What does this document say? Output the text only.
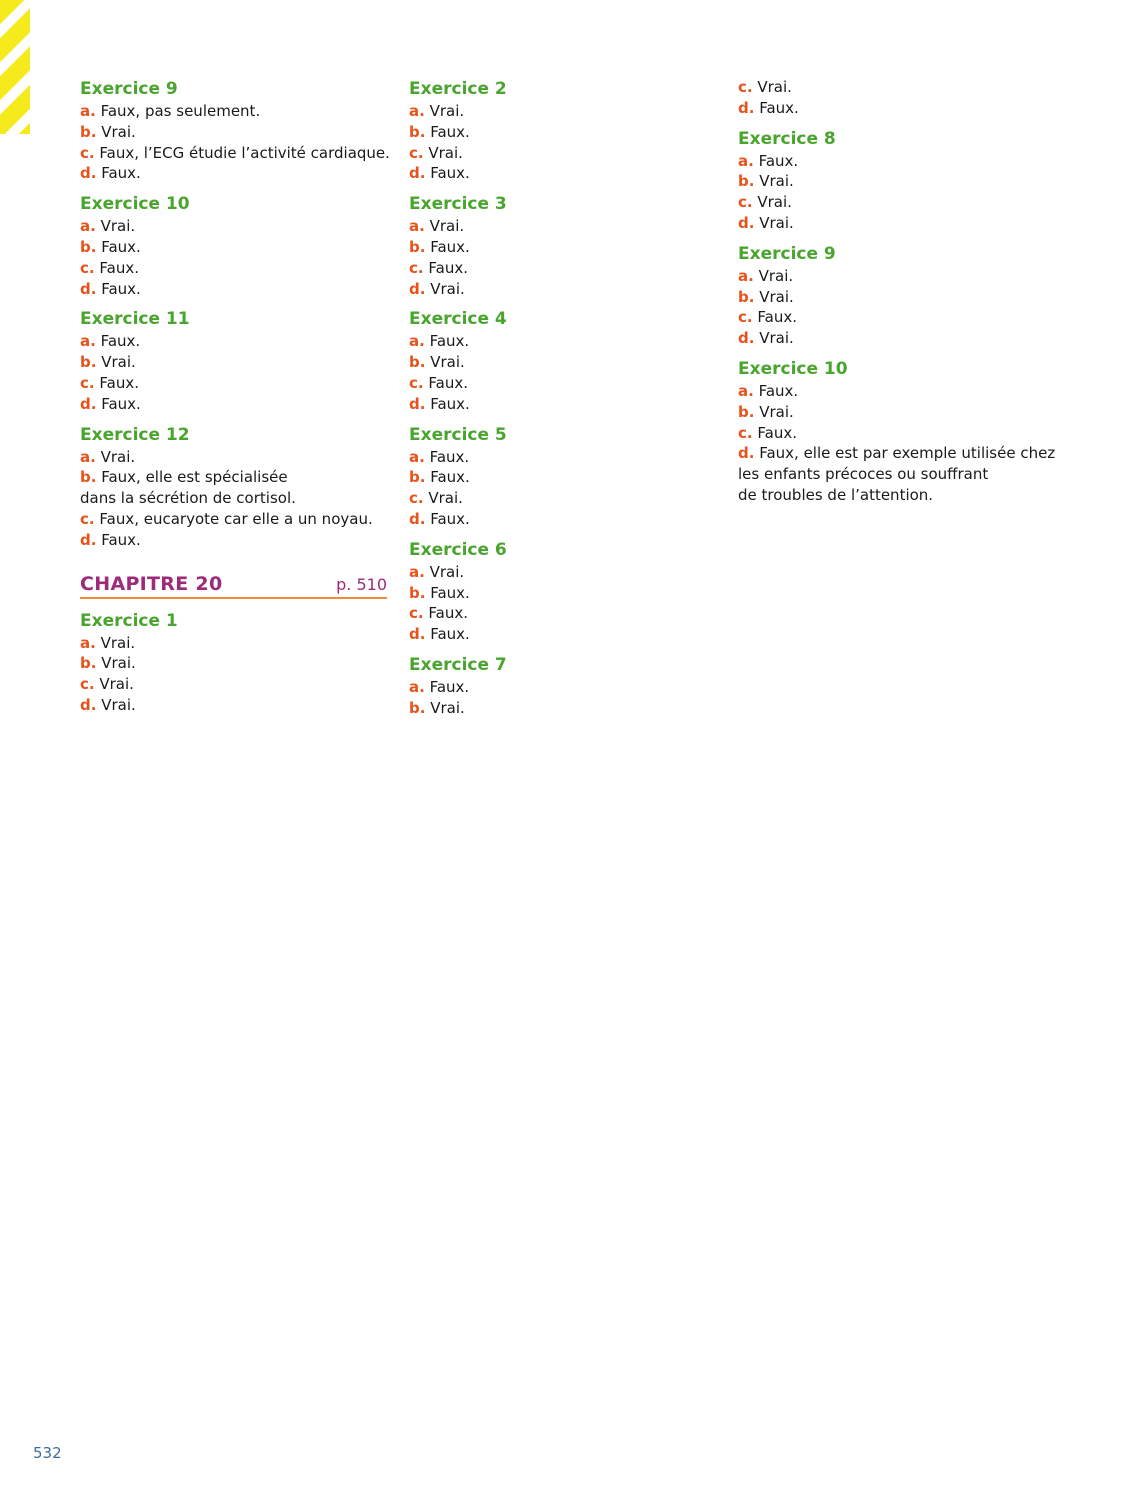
Exercice 9

a. Faux, pas seulement.

b. Vrai.

c. Faux, l’ECG étudie l’activité cardiaque.

d. Faux.

Exercice 10

a. Vrai.

b. Faux.

c. Faux.

d. Faux.

Exercice 11

a. Faux.

b. Vrai.

c. Faux.

d. Faux.

Exercice 12

a. Vrai.

b. Faux, elle est spécialisée

dans la sécrétion de cortisol.

c. Faux, eucaryote car elle a un noyau.

d. Faux.

CHAPITRE 20	p. 510

Exercice 1

a. Vrai.

b. Vrai.

c. Vrai.

d. Vrai.

Exercice 2

a. Vrai.

b. Faux.

c. Vrai.

d. Faux.

Exercice 3

a. Vrai.

b. Faux.

c. Faux.

d. Vrai.

Exercice 4

a. Faux.

b. Vrai.

c. Faux.

d. Faux.

Exercice 5

a. Faux.

b. Faux.

c. Vrai.

d. Faux.

Exercice 6

a. Vrai.

b. Faux.

c. Faux.

d. Faux.

Exercice 7

a. Faux.

b. Vrai.

c. Vrai.

d. Faux.

Exercice 8

a. Faux.

b. Vrai.

c. Vrai.

d. Vrai.

Exercice 9

a. Vrai.

b. Vrai.

c. Faux.

d. Vrai.

Exercice 10

a. Faux.

b. Vrai.

c. Faux.

d. Faux, elle est par exemple utilisée chez

les enfants précoces ou souffrant

de troubles de l’attention.

532
